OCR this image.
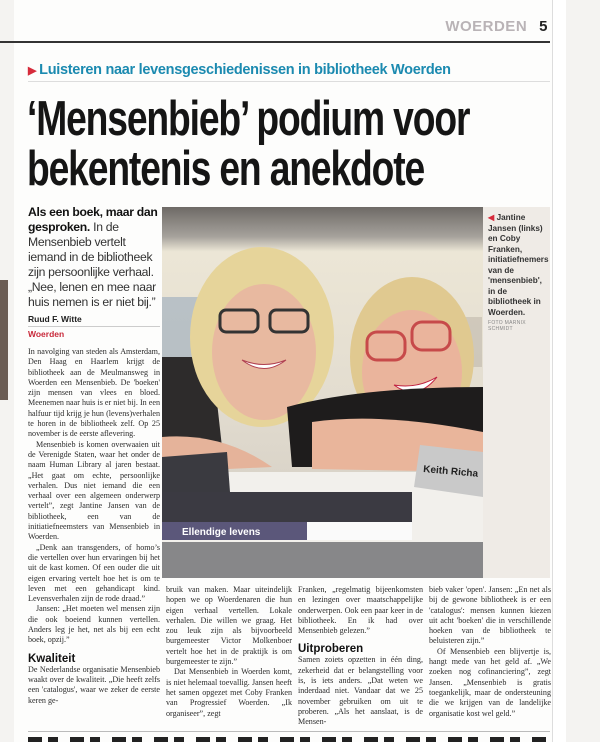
WOERDEN 5
▶ Luisteren naar levensgeschiedenissen in bibliotheek Woerden
‘Mensenbieb’ podium voor bekentenis en anekdote
Als een boek, maar dan gesproken. In de Mensenbieb vertelt iemand in de bibliotheek zijn persoonlijke verhaal. „Nee, lenen en mee naar huis nemen is er niet bij.”
Ruud F. Witte
Woerden

In navolging van steden als Amsterdam, Den Haag en Haarlem krijgt de bibliotheek aan de Meulmansweg in Woerden een Mensenbieb. De 'boeken' zijn mensen van vlees en bloed. Meenemen naar huis is er niet bij. In een halfuur tijd krijg je hun (levens)verhalen te horen in de bibliotheek zelf. Op 25 november is de eerste aflevering.

Mensenbieb is komen overwaaien uit de Verenigde Staten, waar het onder de naam Human Library al jaren bestaat. „Het gaat om echte, persoonlijke verhalen. Dus niet iemand die een verhaal over een algemeen onderwerp vertelt”, zegt Jantine Jansen van de bibliotheek, een van de initiatiefneemsters van Mensenbieb in Woerden.

„Denk aan transgenders, of homo’s die vertellen over hun ervaringen bij het uit de kast komen. Of een ouder die uit eigen ervaring vertelt hoe het is om te leven met een gehandicapt kind. Levensverhalen zijn de rode draad.”

Jansen: „Het moeten wel mensen zijn die ook boeiend kunnen vertellen. Anders leg je het, net als bij een echt boek, opzij.”

Kwaliteit

De Nederlandse organisatie Mensenbieb waakt over de kwaliteit. „Die heeft zelfs een 'catalogus', waar we zeker de eerste keren ge-

Ellendige levens
Keith Richa
◀ Jantine Jansen (links) en Coby Franken, initiatiefnemers van de 'mensenbieb', in de bibliotheek in Woerden.
FOTO MARNIX SCHMIDT

bruik van maken. Maar uiteindelijk hopen we op Woerdenaren die hun eigen verhaal vertellen. Lokale verhalen. Die willen we graag. Het zou leuk zijn als bijvoorbeeld burgemeester Victor Molkenboer vertelt hoe het in de praktijk is om burgemeester te zijn.”

Dat Mensenbieb in Woerden komt, is niet helemaal toevallig. Jansen heeft het samen opgezet met Coby Franken van Progressief Woerden. „Ik organiseer”, zegt

Franken, „regelmatig bijeenkomsten en lezingen over maatschappelijke onderwerpen. Ook een paar keer in de bibliotheek. En ik had over Mensenbieb gelezen.”

Uitproberen

Samen zoiets opzetten in één ding, zekerheid dat er belangstelling voor is, is iets anders. „Dat weten we inderdaad niet. Vandaar dat we 25 november gebruiken om uit te proberen. „Als het aanslaat, is de Mensen-

bieb vaker 'open'. Jansen: „En net als bij de gewone bibliotheek is er een 'catalogus': mensen kunnen kiezen uit acht 'boeken' die in verschillende hoeken van de bibliotheek te beluisteren zijn.”

Of Mensenbieb een blijvertje is, hangt mede van het geld af. „We zoeken nog cofinanciering”, zegt Jansen. „Mensenbieb is gratis toegankelijk, maar de ondersteuning die we krijgen van de landelijke organisatie kost wel geld.”
